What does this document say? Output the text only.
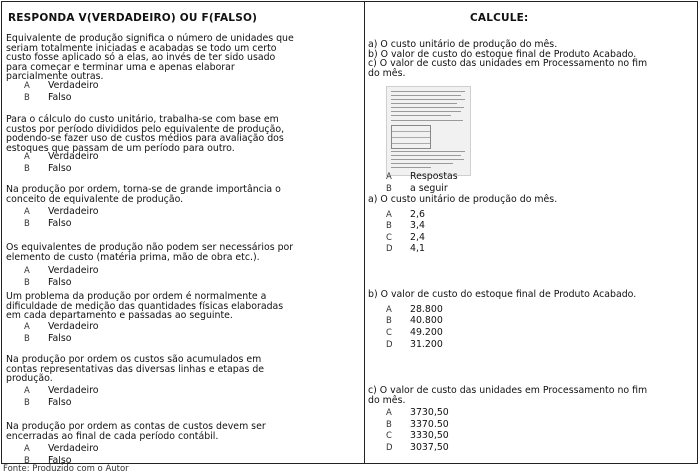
RESPONDA V(VERDADEIRO) OU F(FALSO)
Equivalente de produção significa o número de unidades que
seriam totalmente iniciadas e acabadas se todo um certo
custo fosse aplicado só a elas, ao invés de ter sido usado
para começar e terminar uma e apenas elaborar
parcialmente outras.
A Verdadeiro
B Falso
Para o cálculo do custo unitário, trabalha-se com base em
custos por período divididos pelo equivalente de produção,
podendo-se fazer uso de custos médios para avaliação dos
estoques que passam de um período para outro.
A Verdadeiro
B Falso
Na produção por ordem, torna-se de grande importância o
conceito de equivalente de produção.
A Verdadeiro
B Falso
Os equivalentes de produção não podem ser necessários por
elemento de custo (matéria prima, mão de obra etc.).
A Verdadeiro
B Falso
Um problema da produção por ordem é normalmente a
dificuldade de medição das quantidades físicas elaboradas
em cada departamento e passadas ao seguinte.
A Verdadeiro
B Falso
Na produção por ordem os custos são acumulados em
contas representativas das diversas linhas e etapas de
produção.
A Verdadeiro
B Falso
Na produção por ordem as contas de custos devem ser
encerradas ao final de cada período contábil.
A Verdadeiro
B Falso
CALCULE:
a) O custo unitário de produção do mês.
b) O valor de custo do estoque final de Produto Acabado.
c) O valor de custo das unidades em Processamento no fim
do mês.
A Respostas
B a seguir
a) O custo unitário de produção do mês.
A 2,6
B 3,4
C 2,4
D 4,1
b) O valor de custo do estoque final de Produto Acabado.
A 28.800
B 40.800
C 49.200
D 31.200
c) O valor de custo das unidades em Processamento no fim
do mês.
A 3730,50
B 3370.50
C 3330,50
D 3037,50
Fonte: Produzido com o Autor
